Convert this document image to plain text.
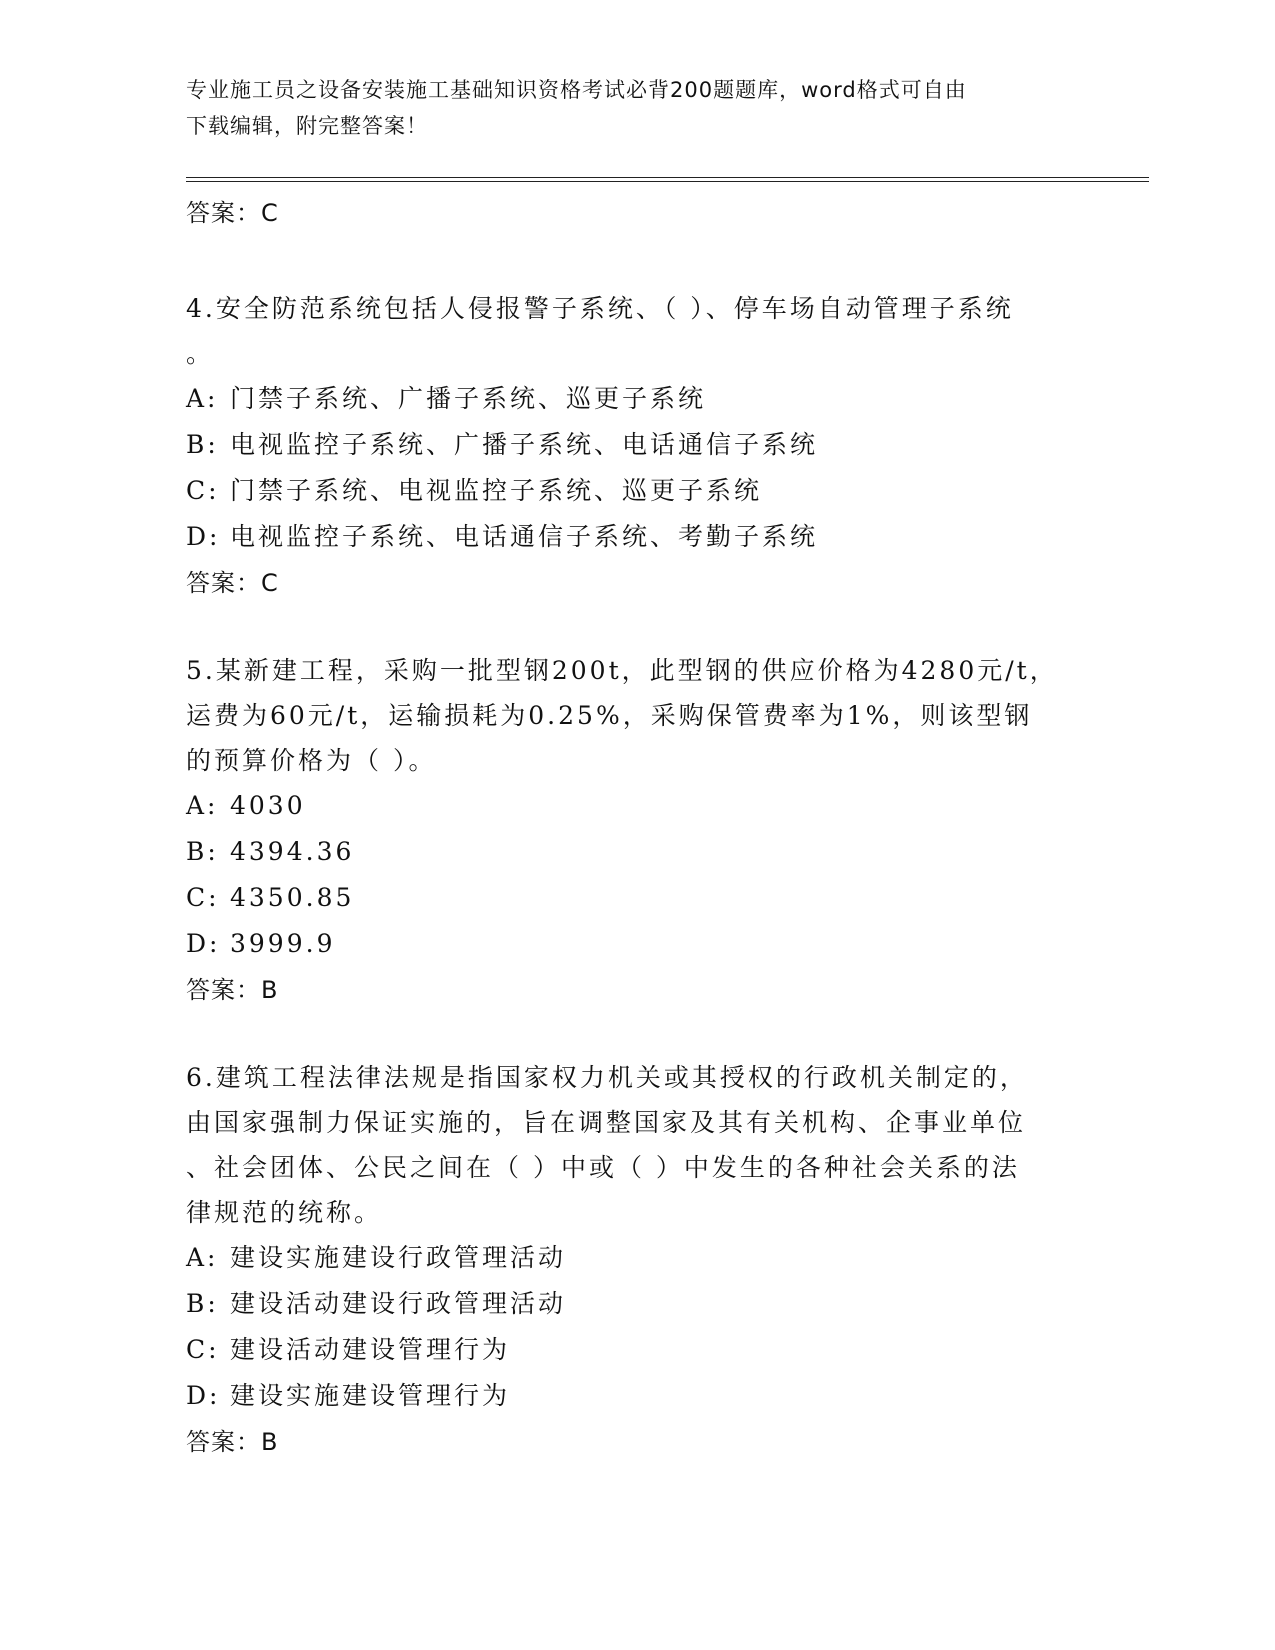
专业施工员之设备安装施工基础知识资格考试必背200题题库，word格式可自由
下载编辑，附完整答案！
答案：C
4.安全防范系统包括人侵报警子系统、（ ）、停车场自动管理子系统
。
A: 门禁子系统、广播子系统、巡更子系统
B: 电视监控子系统、广播子系统、电话通信子系统
C: 门禁子系统、电视监控子系统、巡更子系统
D: 电视监控子系统、电话通信子系统、考勤子系统
答案：C
5.某新建工程，采购一批型钢200t，此型钢的供应价格为4280元/t，
运费为60元/t，运输损耗为0.25%，采购保管费率为1%，则该型钢
的预算价格为（ ）。
A: 4030
B: 4394.36
C: 4350.85
D: 3999.9
答案：B
6.建筑工程法律法规是指国家权力机关或其授权的行政机关制定的，
由国家强制力保证实施的，旨在调整国家及其有关机构、企事业单位
、社会团体、公民之间在（ ）中或（ ）中发生的各种社会关系的法
律规范的统称。
A: 建设实施建设行政管理活动
B: 建设活动建设行政管理活动
C: 建设活动建设管理行为
D: 建设实施建设管理行为
答案：B
